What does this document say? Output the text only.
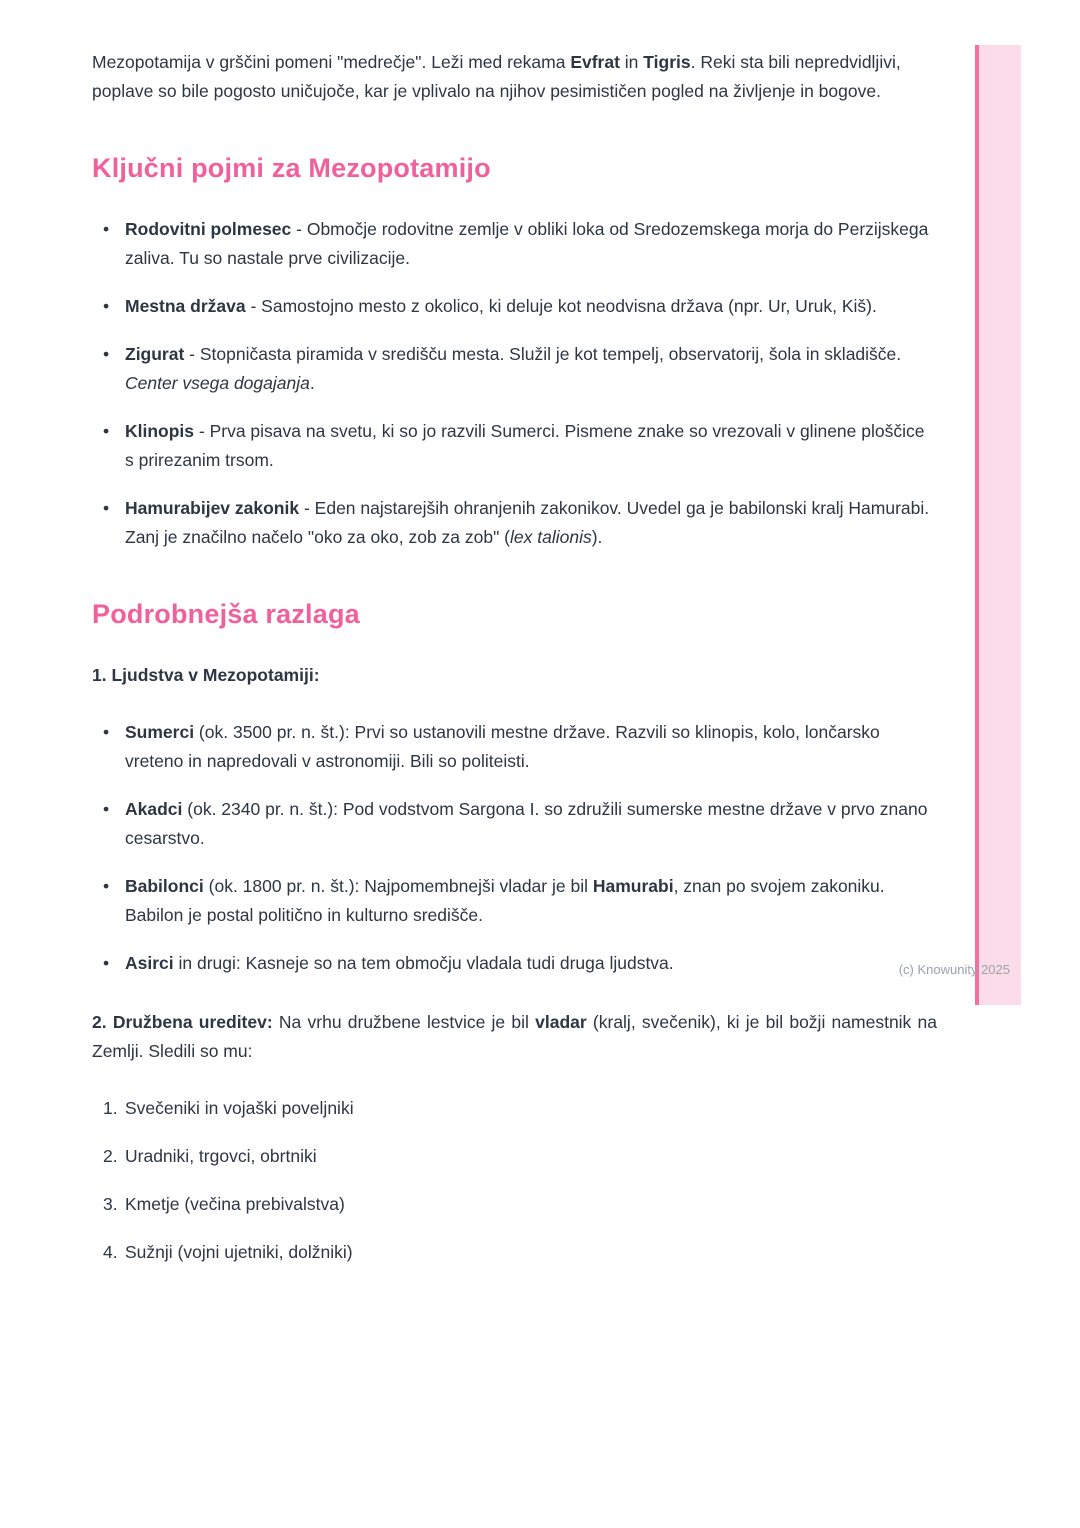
Mezopotamija v grščini pomeni "medrečje". Leži med rekama Evfrat in Tigris. Reki sta bili nepredvidljivi, poplave so bile pogosto uničujoče, kar je vplivalo na njihov pesimističen pogled na življenje in bogove.

Ključni pojmi za Mezopotamijo
• Rodovitni polmesec - Območje rodovitne zemlje v obliki loka od Sredozemskega morja do Perzijskega zaliva. Tu so nastale prve civilizacije.
• Mestna država - Samostojno mesto z okolico, ki deluje kot neodvisna država (npr. Ur, Uruk, Kiš).
• Zigurat - Stopničasta piramida v središču mesta. Služil je kot tempelj, observatorij, šola in skladišče. Center vsega dogajanja.
• Klinopis - Prva pisava na svetu, ki so jo razvili Sumerci. Pismene znake so vrezovali v glinene ploščice s prirezanim trsom.
• Hamurabijev zakonik - Eden najstarejših ohranjenih zakonikov. Uvedel ga je babilonski kralj Hamurabi. Zanj je značilno načelo "oko za oko, zob za zob" (lex talionis).
Podrobnejša razlaga

1. Ljudstva v Mezopotamiji:

• Sumerci (ok. 3500 pr. n. št.): Prvi so ustanovili mestne države. Razvili so klinopis, kolo, lončarsko vreteno in napredovali v astronomiji. Bili so politeisti.
• Akadci (ok. 2340 pr. n. št.): Pod vodstvom Sargona I. so združili sumerske mestne države v prvo znano cesarstvo.
• Babilonci (ok. 1800 pr. n. št.): Najpomembnejši vladar je bil Hamurabi, znan po svojem zakoniku. Babilon je postal politično in kulturno središče.
• Asirci in drugi: Kasneje so na tem območju vladala tudi druga ljudstva.

2. Družbena ureditev: Na vrhu družbene lestvice je bil vladar (kralj, svečenik), ki je bil božji namestnik na Zemlji. Sledili so mu:

1. Svečeniki in vojaški poveljniki
2. Uradniki, trgovci, obrtniki
3. Kmetje (večina prebivalstva)
4. Sužnji (vojni ujetniki, dolžniki)
(c) Knowunity 2025
